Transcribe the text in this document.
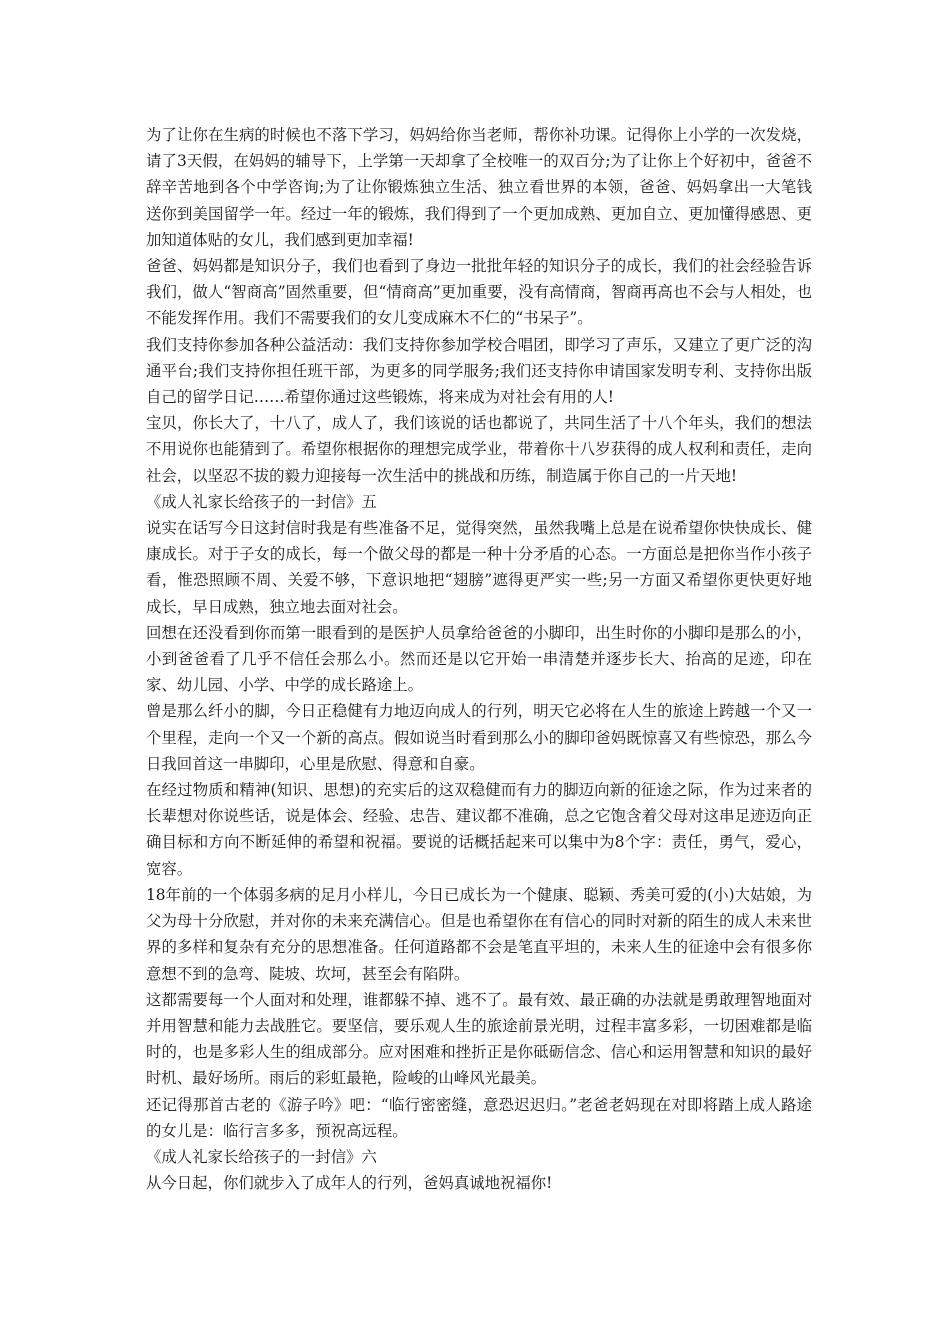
为了让你在生病的时候也不落下学习，妈妈给你当老师，帮你补功课。记得你上小学的一次发烧，请了3天假，在妈妈的辅导下，上学第一天却拿了全校唯一的双百分;为了让你上个好初中，爸爸不辞辛苦地到各个中学咨询;为了让你锻炼独立生活、独立看世界的本领，爸爸、妈妈拿出一大笔钱送你到美国留学一年。经过一年的锻炼，我们得到了一个更加成熟、更加自立、更加懂得感恩、更加知道体贴的女儿，我们感到更加幸福!

爸爸、妈妈都是知识分子，我们也看到了身边一批批年轻的知识分子的成长，我们的社会经验告诉我们，做人“智商高”固然重要，但“情商高”更加重要，没有高情商，智商再高也不会与人相处，也不能发挥作用。我们不需要我们的女儿变成麻木不仁的“书呆子”。

我们支持你参加各种公益活动：我们支持你参加学校合唱团，即学习了声乐，又建立了更广泛的沟通平台;我们支持你担任班干部，为更多的同学服务;我们还支持你申请国家发明专利、支持你出版自己的留学日记……希望你通过这些锻炼，将来成为对社会有用的人!

宝贝，你长大了，十八了，成人了，我们该说的话也都说了，共同生活了十八个年头，我们的想法不用说你也能猜到了。希望你根据你的理想完成学业，带着你十八岁获得的成人权利和责任，走向社会，以坚忍不拔的毅力迎接每一次生活中的挑战和历练，制造属于你自己的一片天地!

《成人礼家长给孩子的一封信》五

说实在话写今日这封信时我是有些准备不足，觉得突然，虽然我嘴上总是在说希望你快快成长、健康成长。对于子女的成长，每一个做父母的都是一种十分矛盾的心态。一方面总是把你当作小孩子看，惟恐照顾不周、关爱不够，下意识地把“翅膀”遮得更严实一些;另一方面又希望你更快更好地成长，早日成熟，独立地去面对社会。

回想在还没看到你而第一眼看到的是医护人员拿给爸爸的小脚印，出生时你的小脚印是那么的小，小到爸爸看了几乎不信任会那么小。然而还是以它开始一串清楚并逐步长大、抬高的足迹，印在家、幼儿园、小学、中学的成长路途上。

曾是那么纤小的脚，今日正稳健有力地迈向成人的行列，明天它必将在人生的旅途上跨越一个又一个里程，走向一个又一个新的高点。假如说当时看到那么小的脚印爸妈既惊喜又有些惊恐，那么今日我回首这一串脚印，心里是欣慰、得意和自豪。

在经过物质和精神(知识、思想)的充实后的这双稳健而有力的脚迈向新的征途之际，作为过来者的长辈想对你说些话，说是体会、经验、忠告、建议都不准确，总之它饱含着父母对这串足迹迈向正确目标和方向不断延伸的希望和祝福。要说的话概括起来可以集中为8个字：责任，勇气，爱心，宽容。

18年前的一个体弱多病的足月小样儿，今日已成长为一个健康、聪颖、秀美可爱的(小)大姑娘，为父为母十分欣慰，并对你的未来充满信心。但是也希望你在有信心的同时对新的陌生的成人未来世界的多样和复杂有充分的思想准备。任何道路都不会是笔直平坦的，未来人生的征途中会有很多你意想不到的急弯、陡坡、坎坷，甚至会有陷阱。

这都需要每一个人面对和处理，谁都躲不掉、逃不了。最有效、最正确的办法就是勇敢理智地面对并用智慧和能力去战胜它。要坚信，要乐观人生的旅途前景光明，过程丰富多彩，一切困难都是临时的，也是多彩人生的组成部分。应对困难和挫折正是你砥砺信念、信心和运用智慧和知识的最好时机、最好场所。雨后的彩虹最艳，险峻的山峰风光最美。

还记得那首古老的《游子吟》吧：“临行密密缝，意恐迟迟归。”老爸老妈现在对即将踏上成人路途的女儿是：临行言多多，预祝高远程。

《成人礼家长给孩子的一封信》六

从今日起，你们就步入了成年人的行列，爸妈真诚地祝福你!
